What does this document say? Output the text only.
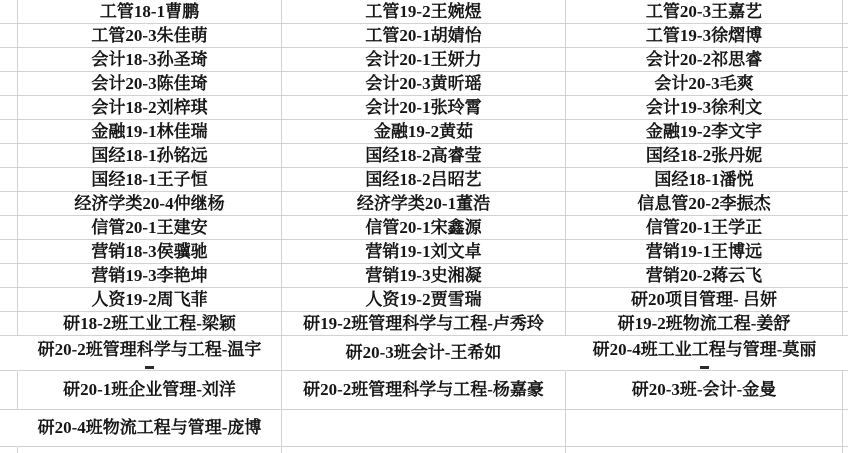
工管18-1曹鹏	工管19-2王婉煜	工管20-3王嘉艺
工管20-3朱佳萌	工管20-1胡婧怡	工管19-3徐熠博
会计18-3孙圣琦	会计20-1王妍力	会计20-2祁思睿
会计20-3陈佳琦	会计20-3黄昕瑶	会计20-3毛爽
会计18-2刘梓琪	会计20-1张玲霄	会计19-3徐利文
金融19-1林佳瑞	金融19-2黄茹	金融19-2李文宇
国经18-1孙铭远	国经18-2高睿莹	国经18-2张丹妮
国经18-1王子恒	国经18-2吕昭艺	国经18-1潘悦
经济学类20-4仲继杨	经济学类20-1董浩	信息管20-2李振杰
信管20-1王建安	信管20-1宋鑫源	信管20-1王学正
营销18-3侯骥驰	营销19-1刘文卓	营销19-1王博远
营销19-3李艳坤	营销19-3史湘凝	营销20-2蒋云飞
人资19-2周飞菲	人资19-2贾雪瑞	研20项目管理- 吕妍
研18-2班工业工程-梁颖	研19-2班管理科学与工程-卢秀玲	研19-2班物流工程-姜舒
研20-2班管理科学与工程-温宇	研20-3班会计-王希如	研20-4班工业工程与管理-莫丽
研20-1班企业管理-刘洋	研20-2班管理科学与工程-杨嘉豪	研20-3班-会计-金曼
研20-4班物流工程与管理-庞博
